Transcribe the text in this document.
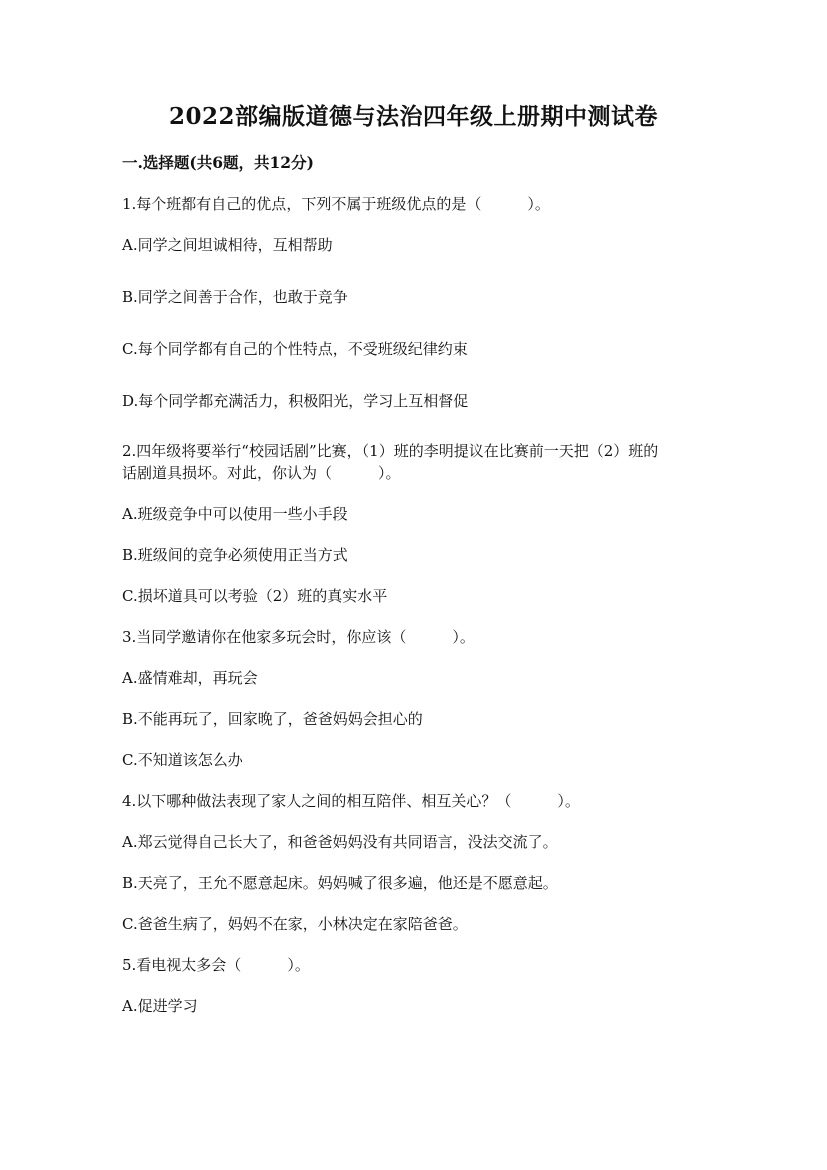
2022部编版道德与法治四年级上册期中测试卷
一.选择题(共6题，共12分)
1.每个班都有自己的优点，下列不属于班级优点的是（	）。
A.同学之间坦诚相待，互相帮助
B.同学之间善于合作，也敢于竞争
C.每个同学都有自己的个性特点，不受班级纪律约束
D.每个同学都充满活力，积极阳光，学习上互相督促
2.四年级将要举行“校园话剧”比赛，（1）班的李明提议在比赛前一天把（2）班的话剧道具损坏。对此，你认为（	）。
A.班级竞争中可以使用一些小手段
B.班级间的竞争必须使用正当方式
C.损坏道具可以考验（2）班的真实水平
3.当同学邀请你在他家多玩会时，你应该（	）。
A.盛情难却，再玩会
B.不能再玩了，回家晚了，爸爸妈妈会担心的
C.不知道该怎么办
4.以下哪种做法表现了家人之间的相互陪伴、相互关心？（	）。
A.郑云觉得自己长大了，和爸爸妈妈没有共同语言，没法交流了。
B.天亮了，王允不愿意起床。妈妈喊了很多遍，他还是不愿意起。
C.爸爸生病了，妈妈不在家，小林决定在家陪爸爸。
5.看电视太多会（	）。
A.促进学习
